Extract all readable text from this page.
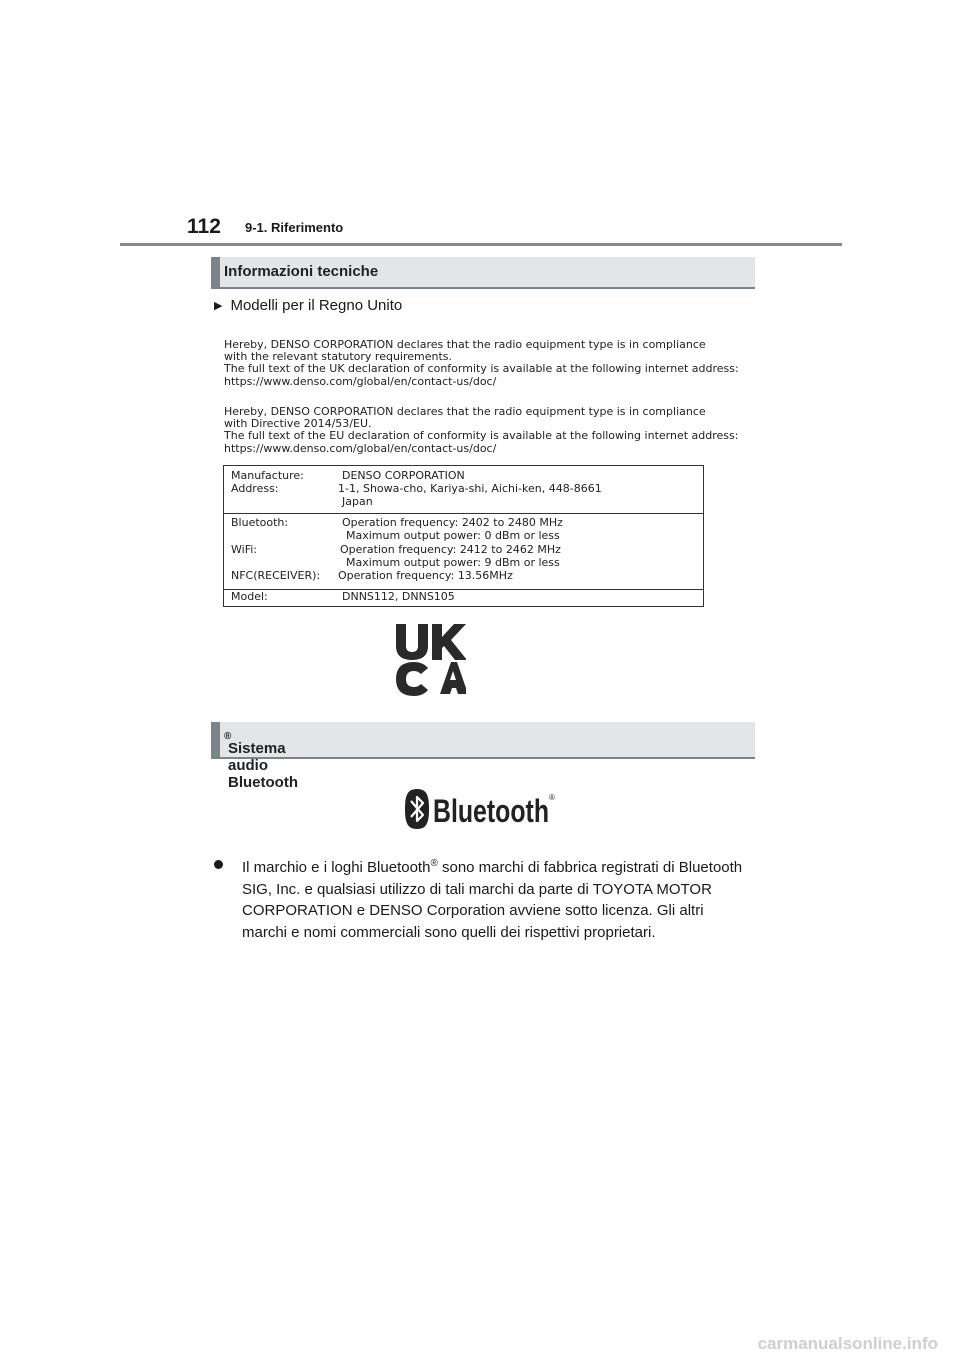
112 9-1. Riferimento
Informazioni tecniche
▶ Modelli per il Regno Unito
Hereby, DENSO CORPORATION declares that the radio equipment type is in compliance
with the relevant statutory requirements.
The full text of the UK declaration of conformity is available at the following internet address:
https://www.denso.com/global/en/contact-us/doc/
Hereby, DENSO CORPORATION declares that the radio equipment type is in compliance
with Directive 2014/53/EU.
The full text of the EU declaration of conformity is available at the following internet address:
https://www.denso.com/global/en/contact-us/doc/
Manufacture:	DENSO CORPORATION
Address:	1-1, Showa-cho, Kariya-shi, Aichi-ken, 448-8661
Japan
Bluetooth:	Operation frequency: 2402 to 2480 MHz
Maximum output power: 0 dBm or less
WiFi:	Operation frequency: 2412 to 2462 MHz
Maximum output power: 9 dBm or less
NFC(RECEIVER): Operation frequency: 13.56MHz
Model:	DNNS112, DNNS105
Sistema audio Bluetooth
®
Bluetooth ®
Il marchio e i loghi Bluetooth® sono marchi di fabbrica registrati di Bluetooth SIG, Inc. e qualsiasi utilizzo di tali marchi da parte di TOYOTA MOTOR CORPORATION e DENSO Corporation avviene sotto licenza. Gli altri marchi e nomi commerciali sono quelli dei rispettivi proprietari.
carmanualsonline.info
